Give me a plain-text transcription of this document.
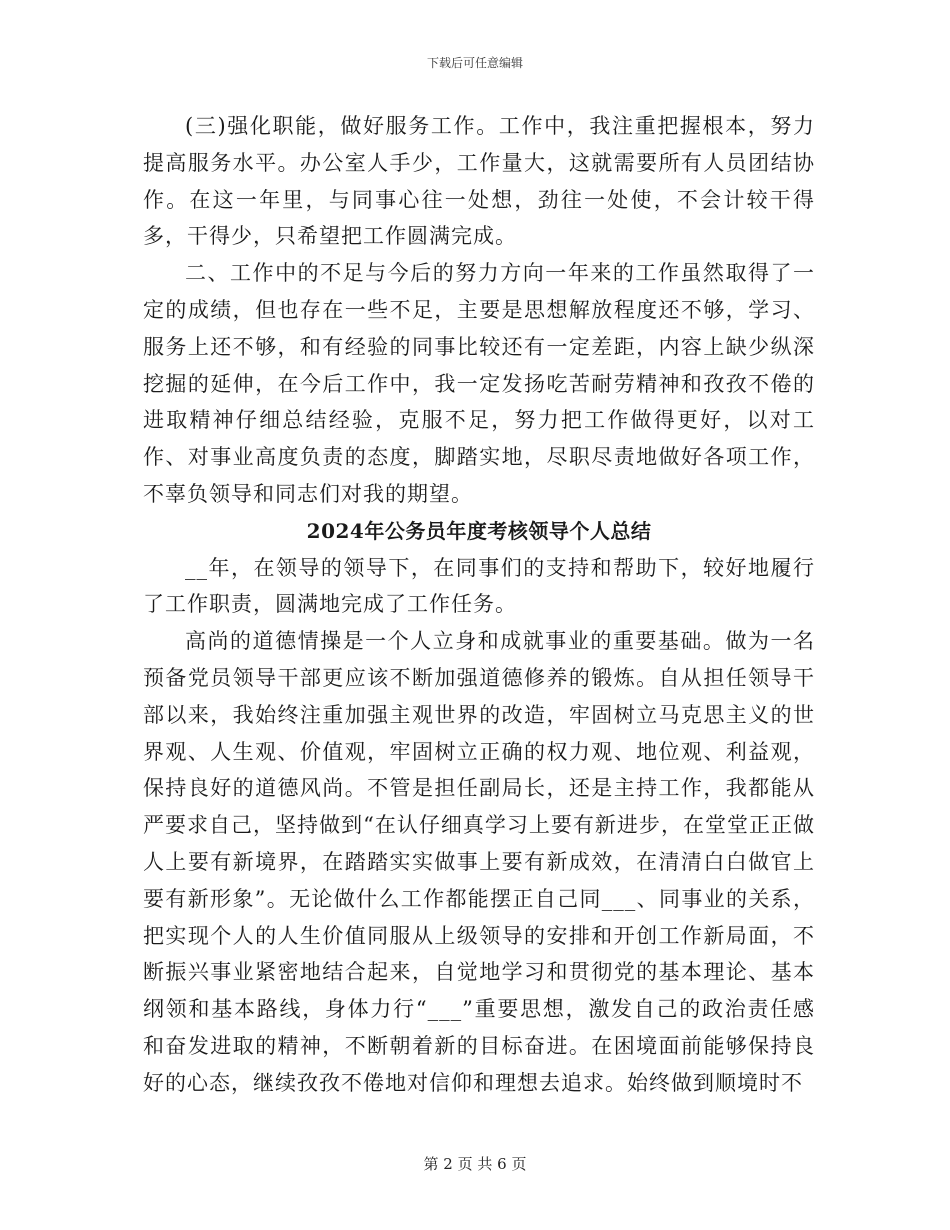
下载后可任意编辑

(三)强化职能，做好服务工作。工作中，我注重把握根本，努力提高服务水平。办公室人手少，工作量大，这就需要所有人员团结协作。在这一年里，与同事心往一处想，劲往一处使，不会计较干得多，干得少，只希望把工作圆满完成。

二、工作中的不足与今后的努力方向一年来的工作虽然取得了一定的成绩，但也存在一些不足，主要是思想解放程度还不够，学习、服务上还不够，和有经验的同事比较还有一定差距，内容上缺少纵深挖掘的延伸，在今后工作中，我一定发扬吃苦耐劳精神和孜孜不倦的进取精神仔细总结经验，克服不足，努力把工作做得更好，以对工作、对事业高度负责的态度，脚踏实地，尽职尽责地做好各项工作，不辜负领导和同志们对我的期望。

2024年公务员年度考核领导个人总结

__年，在领导的领导下，在同事们的支持和帮助下，较好地履行了工作职责，圆满地完成了工作任务。

高尚的道德情操是一个人立身和成就事业的重要基础。做为一名预备党员领导干部更应该不断加强道德修养的锻炼。自从担任领导干部以来，我始终注重加强主观世界的改造，牢固树立马克思主义的世界观、人生观、价值观，牢固树立正确的权力观、地位观、利益观，保持良好的道德风尚。不管是担任副局长，还是主持工作，我都能从严要求自己，坚持做到“在认仔细真学习上要有新进步，在堂堂正正做人上要有新境界，在踏踏实实做事上要有新成效，在清清白白做官上要有新形象”。无论做什么工作都能摆正自己同___、同事业的关系，把实现个人的人生价值同服从上级领导的安排和开创工作新局面，不断振兴事业紧密地结合起来，自觉地学习和贯彻党的基本理论、基本纲领和基本路线，身体力行“___”重要思想，激发自己的政治责任感和奋发进取的精神，不断朝着新的目标奋进。在困境面前能够保持良好的心态，继续孜孜不倦地对信仰和理想去追求。始终做到顺境时不

第 2 页 共 6 页
